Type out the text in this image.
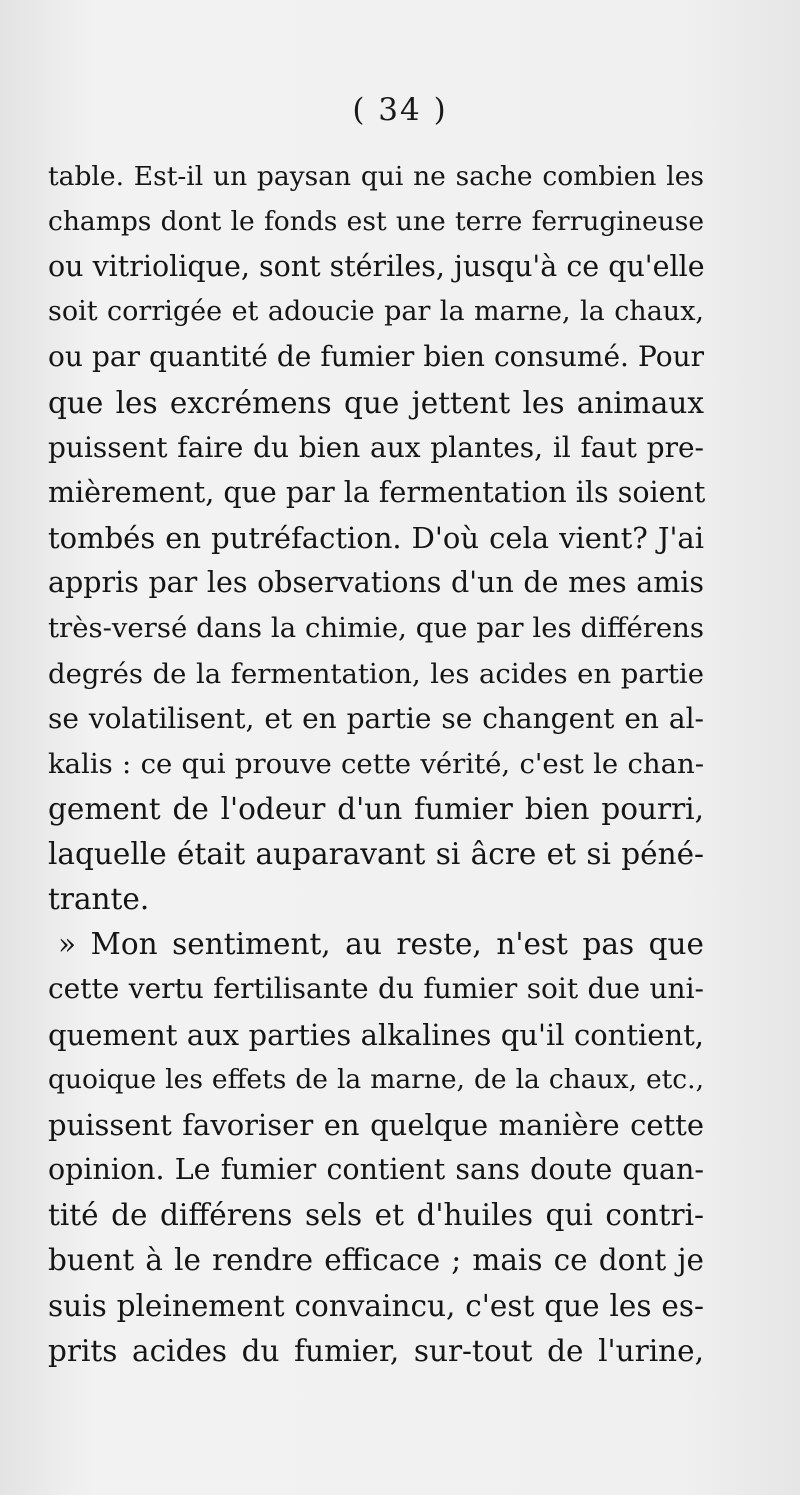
( 34 )
table. Est-il un paysan qui ne sache combien les
champs dont le fonds est une terre ferrugineuse
ou vitriolique, sont stériles, jusqu'à ce qu'elle
soit corrigée et adoucie par la marne, la chaux,
ou par quantité de fumier bien consumé. Pour
que les excrémens que jettent les animaux
puissent faire du bien aux plantes, il faut pre-
mièrement, que par la fermentation ils soient
tombés en putréfaction. D'où cela vient? J'ai
appris par les observations d'un de mes amis
très-versé dans la chimie, que par les différens
degrés de la fermentation, les acides en partie
se volatilisent, et en partie se changent en al-
kalis : ce qui prouve cette vérité, c'est le chan-
gement de l'odeur d'un fumier bien pourri,
laquelle était auparavant si âcre et si péné-
trante.
» Mon sentiment, au reste, n'est pas que
cette vertu fertilisante du fumier soit due uni-
quement aux parties alkalines qu'il contient,
quoique les effets de la marne, de la chaux, etc.,
puissent favoriser en quelque manière cette
opinion. Le fumier contient sans doute quan-
tité de différens sels et d'huiles qui contri-
buent à le rendre efficace ; mais ce dont je
suis pleinement convaincu, c'est que les es-
prits acides du fumier, sur-tout de l'urine,
